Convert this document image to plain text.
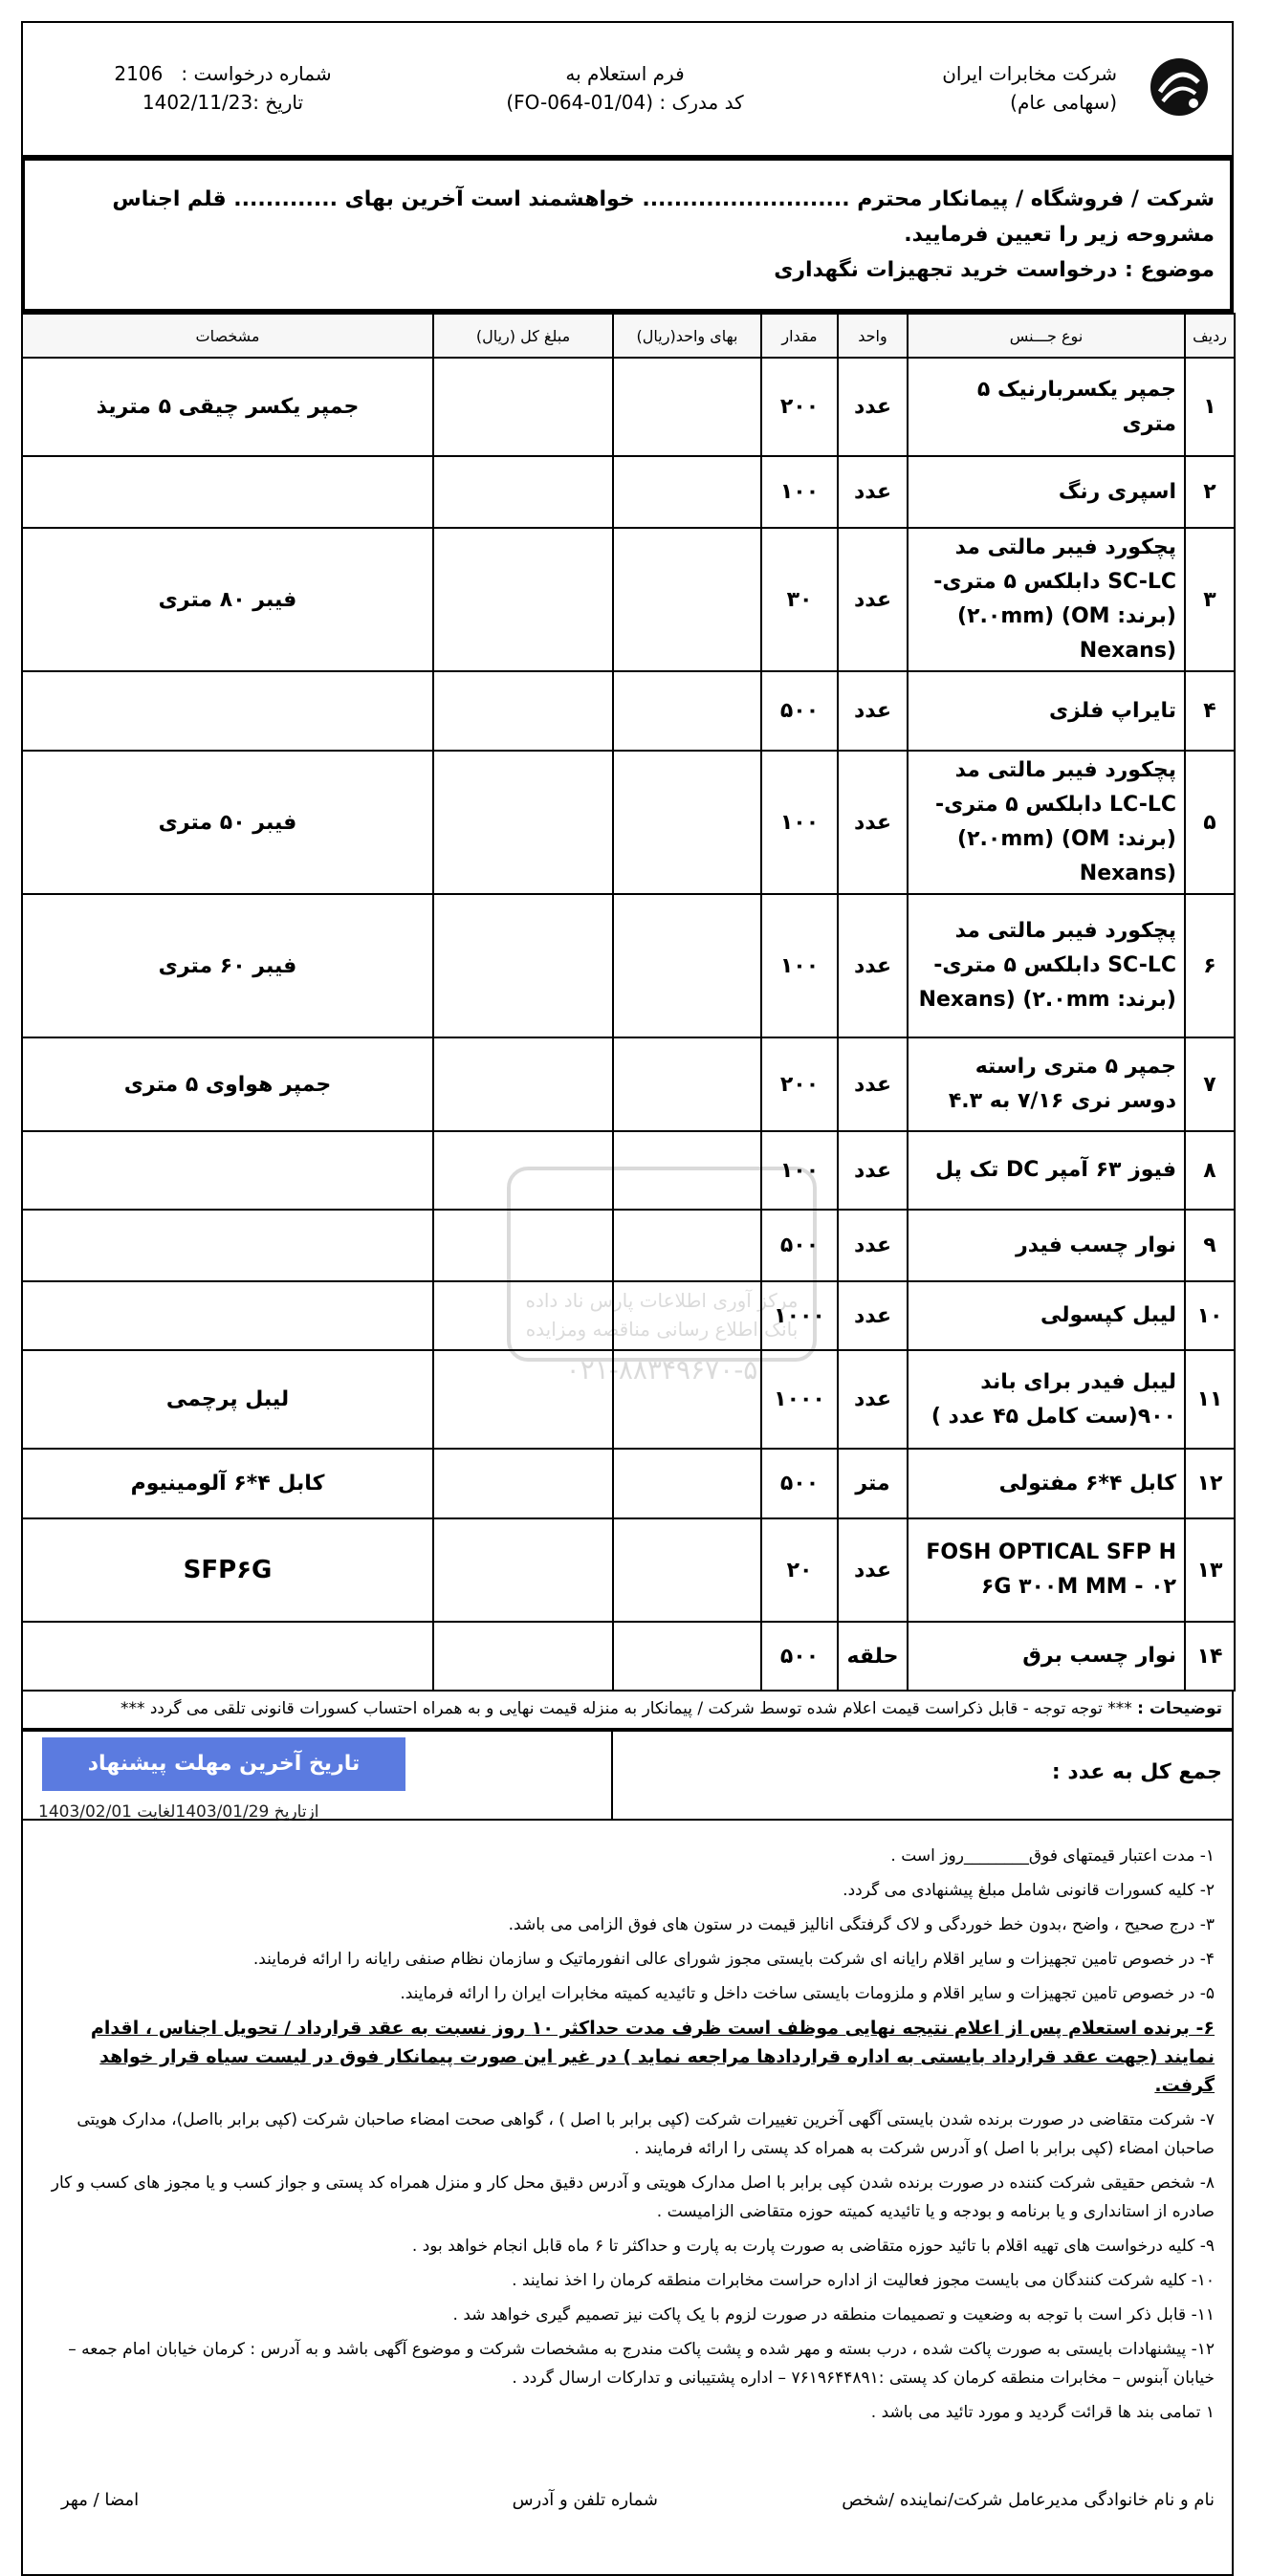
شرکت مخابرات ایران
(سهامی عام)
فرم استعلام به
کد مدرک : (FO-064-01/04)
شماره درخواست :   2106
تاریخ :1402/11/23

شرکت / فروشگاه / پیمانکار محترم .......................... خواهشمند است آخرین بهای ............. قلم اجناس مشروحه زیر را تعیین فرمایید.

موضوع : درخواست خرید تجهیزات نگهداری

ردیف	نوع جـــنس	واحد	مقدار	بهای واحد(ریال)	مبلغ کل (ریال)	مشخصات
۱	جمپر یکسربارنیک ۵ متری	عدد	۲۰۰			جمپر یکسر چیقی ۵ متریذ
۲	اسپری رنگ	عدد	۱۰۰			
۳	پچکورد فیبر مالتی مد SC-LC دابلکس ۵ متری-(برند: OM) (۲.۰mm) (Nexans	عدد	۳۰			فیبر ۸۰ متری
۴	تایراپ فلزی	عدد	۵۰۰			
۵	پچکورد فیبر مالتی مد LC-LC دابلکس ۵ متری-(برند: OM) (۲.۰mm) (Nexans	عدد	۱۰۰			فیبر ۵۰ متری
۶	پچکورد فیبر مالتی مد SC-LC دابلکس ۵ متری-(برند: ۲.۰mm) (Nexans	عدد	۱۰۰			فیبر ۶۰ متری
۷	جمپر ۵ متری راسته دوسر نری ۷/۱۶ به ۴.۳	عدد	۲۰۰			جمپر هواوی ۵ متری
۸	فیوز ۶۳ آمپر DC تک پل	عدد	۱۰۰			
۹	نوار چسب فیدر	عدد	۵۰۰			
۱۰	لیبل کپسولی	عدد	۱۰۰۰			
۱۱	لیبل فیدر برای باند ۹۰۰(ست کامل ۴۵ عدد )	عدد	۱۰۰۰			لیبل پرچمی
۱۲	کابل ۴*۶ مفتولی	متر	۵۰۰			کابل ۴*۶ آلومینیوم
۱۳	FOSH OPTICAL SFP H ۶G ۳۰۰M MM - ۰۲	عدد	۲۰			SFP۶G
۱۴	نوار چسب برق	حلقه	۵۰۰			
مرکز آوری اطلاعات پارس ناد داده
بانک اطلاع رسانی مناقصه ومزایده
۰۲۱-۸۸۳۴۹۶۷۰-۵
توضیحات : *** توجه توجه - قابل ذکراست قیمت اعلام شده توسط شرکت / پیمانکار به منزله قیمت نهایی و به همراه احتساب کسورات قانونی تلقی می گردد ***
جمع کل به عدد :
تاریخ آخرین مهلت پیشنهاد
ازتاریخ 1403/01/29لغایت 1403/02/01

۱- مدت اعتبار قیمتهای فوق________روز است .

۲- کلیه کسورات قانونی شامل مبلغ پیشنهادی می گردد.

۳- درج صحیح ، واضح ،بدون خط خوردگی و لاک گرفتگی انالیز قیمت در ستون های فوق الزامی می باشد.

۴- در خصوص تامین تجهیزات و سایر اقلام رایانه ای شرکت بایستی مجوز شورای عالی انفورماتیک و سازمان نظام صنفی رایانه را ارائه فرمایند.

۵- در خصوص تامین تجهیزات و سایر اقلام و ملزومات بایستی ساخت داخل و تائیدیه کمیته مخابرات ایران را ارائه فرمایند.

۶- برنده استعلام پس از اعلام نتیجه نهایی موظف است ظرف مدت حداکثر ۱۰ روز نسبت به عقد قرارداد / تحویل اجناس ، اقدام نمایند (جهت عقد قرارداد بایستی به اداره قراردادها مراجعه نماید ) در غیر این صورت پیمانکار فوق در لیست سیاه قرار خواهد گرفت.

۷- شرکت متقاضی در صورت برنده شدن بایستی آگهی آخرین تغییرات شرکت (کپی برابر با اصل ) ، گواهی صحت امضاء صاحبان شرکت (کپی برابر بااصل)، مدارک هویتی صاحبان امضاء (کپی برابر با اصل )و آدرس شرکت به همراه کد پستی را ارائه فرمایند .

۸- شخص حقیقی شرکت کننده در صورت برنده شدن کپی برابر با اصل مدارک هویتی و آدرس دقیق محل کار و منزل همراه کد پستی و جواز کسب و یا مجوز های کسب و کار صادره از استانداری و یا برنامه و بودجه و یا تائیدیه کمیته حوزه متقاضی الزامیست .

۹- کلیه درخواست های تهیه اقلام با تائید حوزه متقاضی به صورت پارت به پارت و حداکثر تا ۶ ماه قابل انجام خواهد بود .

۱۰- کلیه شرکت کنندگان می بایست مجوز فعالیت از اداره حراست مخابرات منطقه کرمان را اخذ نمایند .

۱۱- قابل ذکر است با توجه به وضعیت و تصمیمات منطقه در صورت لزوم با یک پاکت نیز تصمیم گیری خواهد شد .

۱۲- پیشنهادات بایستی به صورت پاکت شده ، درب بسته و مهر شده و پشت پاکت مندرج به مشخصات شرکت و موضوع آگهی باشد و به آدرس : کرمان خیابان امام جمعه – خیابان آبنوس – مخابرات منطقه کرمان کد پستی :۷۶۱۹۶۴۴۸۹۱ – اداره پشتیبانی و تدارکات ارسال گردد .

۱ تمامی بند ها قرائت گردید و مورد تائید می باشد .

نام و نام خانوادگی مدیرعامل شرکت/نماینده /شخص
شماره تلفن و آدرس
امضا / مهر
